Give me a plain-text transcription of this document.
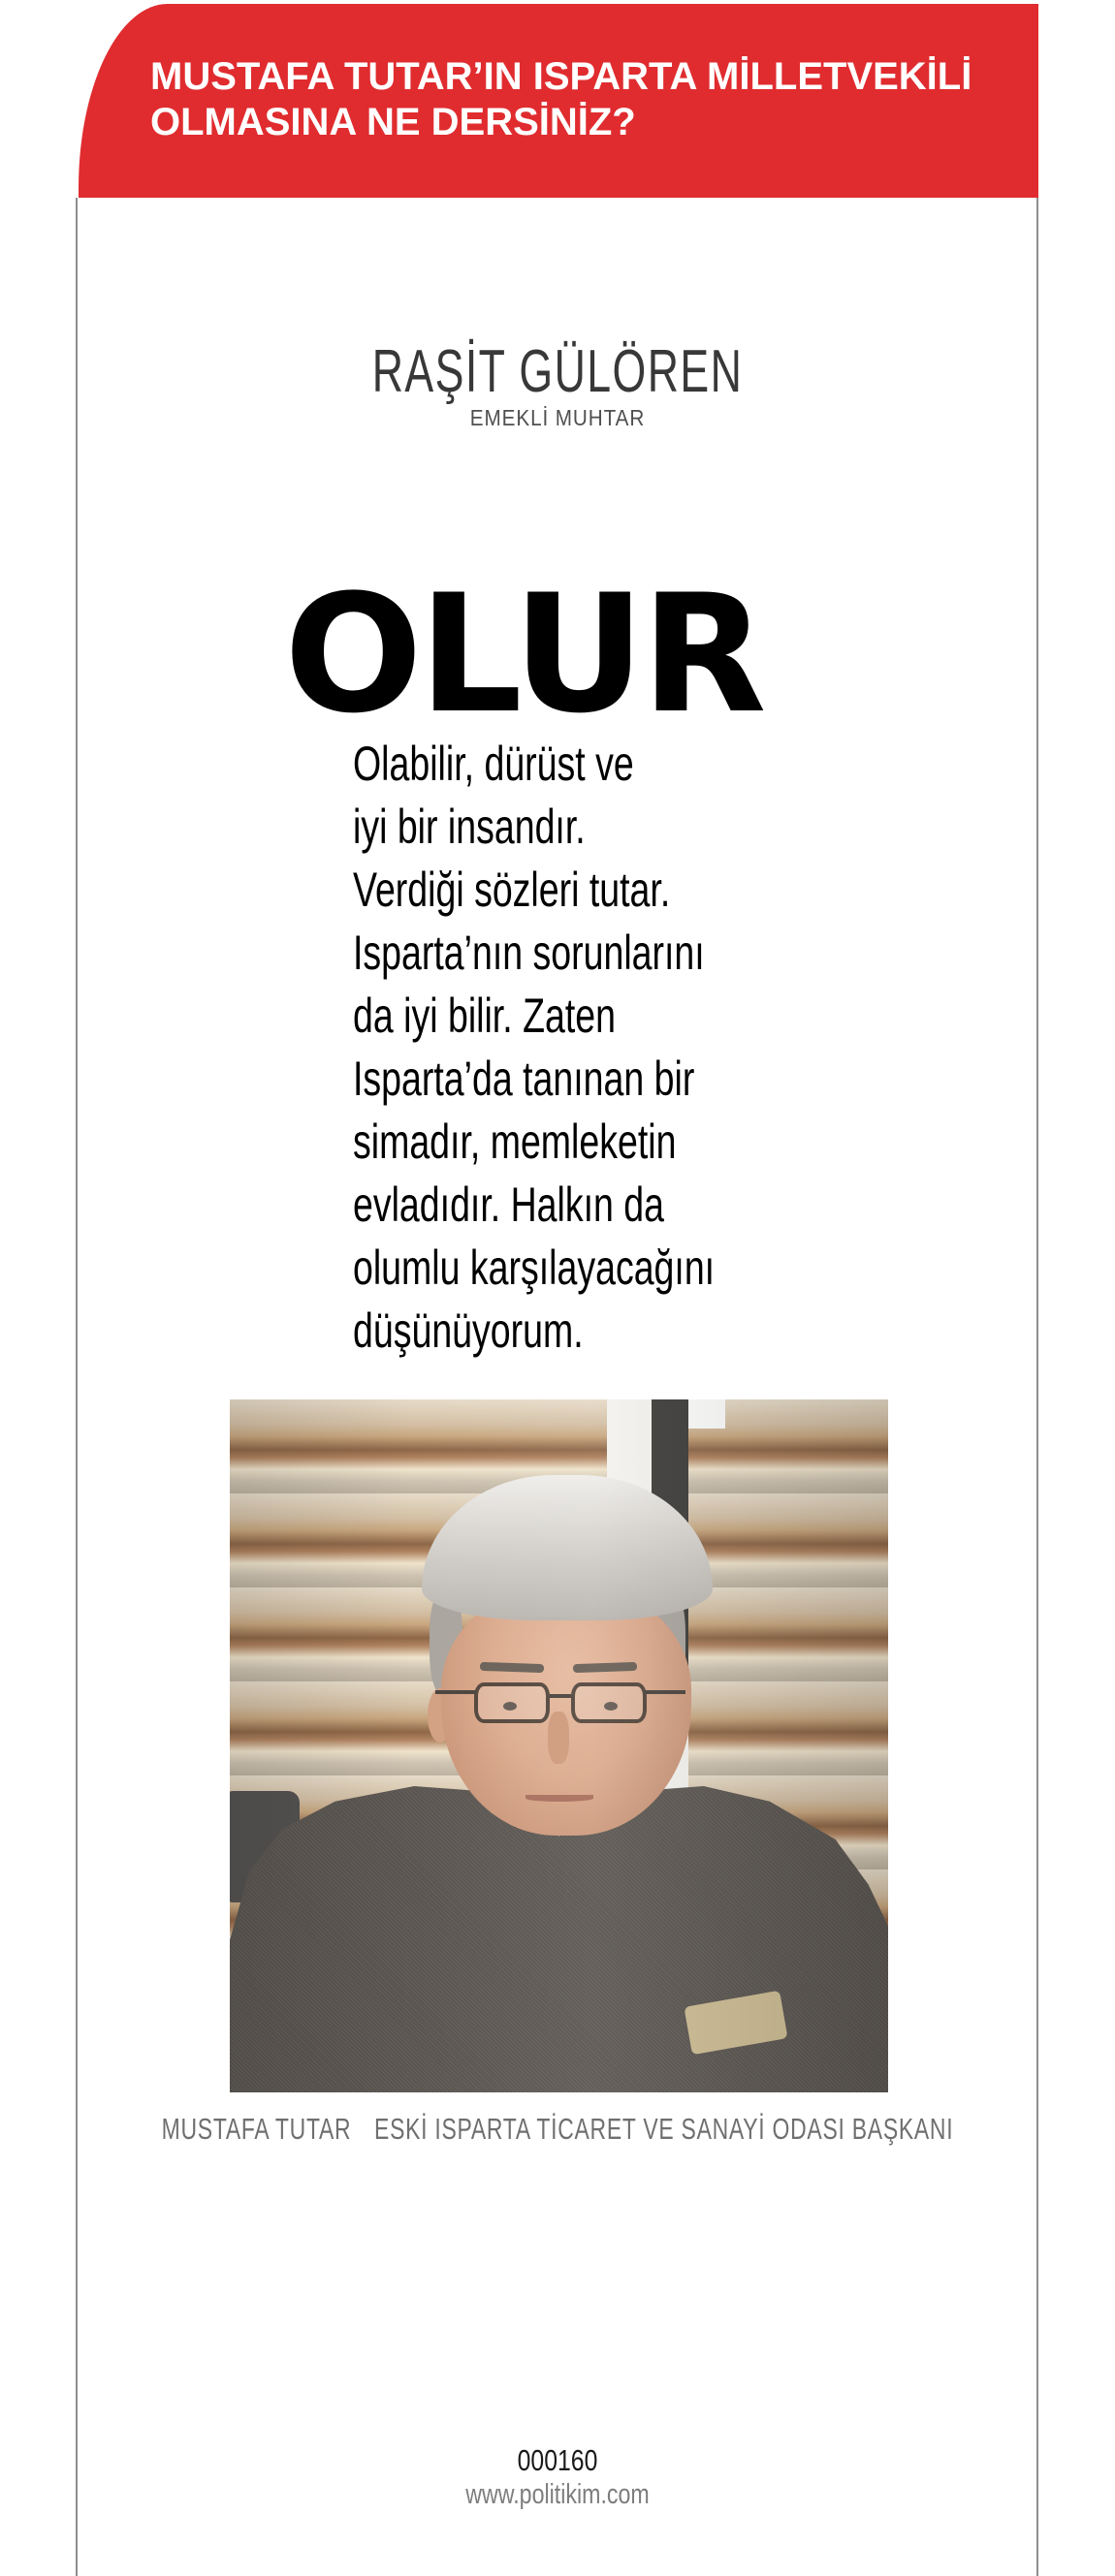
MUSTAFA TUTAR’IN ISPARTA MİLLETVEKİLİ
OLMASINA NE DERSİNİZ?
RAŞİT GÜLÖREN
EMEKLİ MUHTAR
OLUR
Olabilir, dürüst ve
iyi bir insandır.
Verdiği sözleri tutar.
Isparta’nın sorunlarını
da iyi bilir. Zaten
Isparta’da tanınan bir
simadır, memleketin
evladıdır. Halkın da
olumlu karşılayacağını
düşünüyorum.
MUSTAFA TUTAR ESKİ ISPARTA TİCARET VE SANAYİ ODASI BAŞKANI
000160
www.politikim.com
